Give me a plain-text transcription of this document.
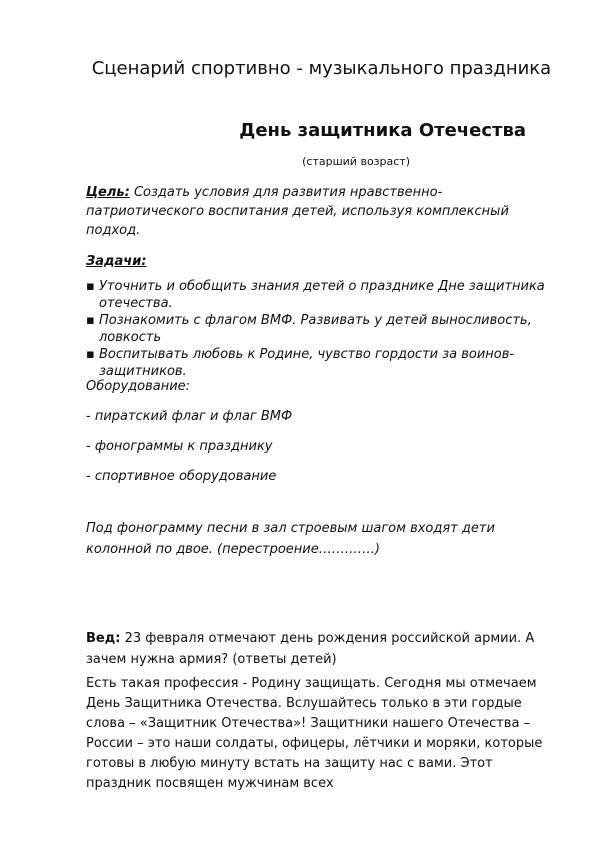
Сценарий спортивно - музыкального праздника
День защитника Отечества
(старший возраст)

Цель: Создать условия для развития нравственно-патриотического воспитания детей, используя комплексный подход.

Задачи:
▪ Уточнить и обобщить знания детей о празднике Дне защитника отечества.
▪ Познакомить с флагом ВМФ. Развивать у детей выносливость, ловкость
▪ Воспитывать любовь к Родине, чувство гордости за воинов-защитников.
Оборудование:
- пиратский флаг и флаг ВМФ
- фонограммы к празднику
- спортивное оборудование

Под фонограмму песни в зал строевым шагом входят дети колонной по двое. (перестроение………….)

Вед: 23 февраля отмечают день рождения российской армии. А зачем нужна армия? (ответы детей)

Есть такая профессия - Родину защищать. Сегодня мы отмечаем День Защитника Отечества. Вслушайтесь только в эти гордые слова – «Защитник Отечества»! Защитники нашего Отечества – России – это наши солдаты, офицеры, лётчики и моряки, которые готовы в любую минуту встать на защиту нас с вами. Этот праздник посвящен мужчинам всех
